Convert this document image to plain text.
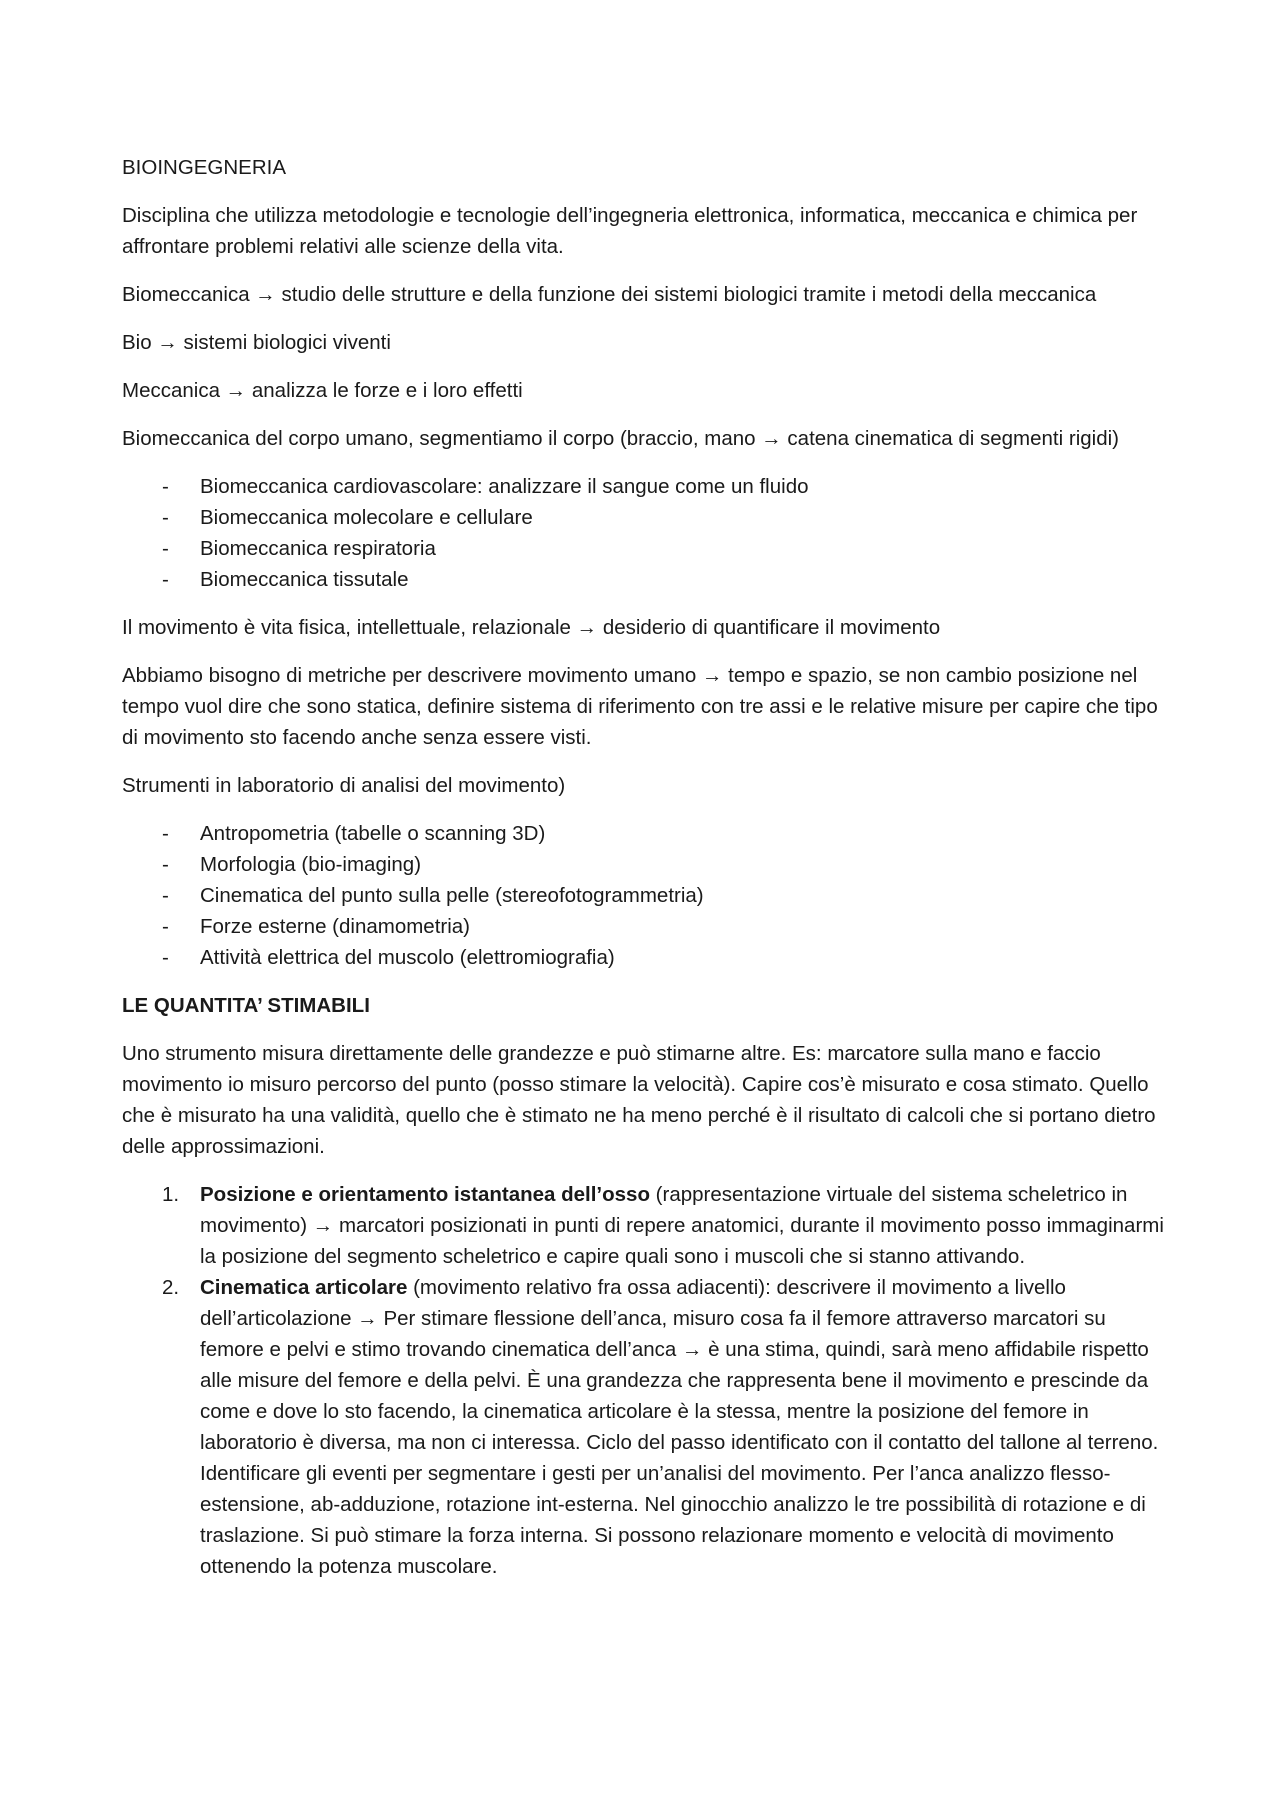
BIOINGEGNERIA

Disciplina che utilizza metodologie e tecnologie dell’ingegneria elettronica, informatica, meccanica e chimica per affrontare problemi relativi alle scienze della vita.

Biomeccanica → studio delle strutture e della funzione dei sistemi biologici tramite i metodi della meccanica

Bio → sistemi biologici viventi

Meccanica → analizza le forze e i loro effetti

Biomeccanica del corpo umano, segmentiamo il corpo (braccio, mano → catena cinematica di segmenti rigidi)

- Biomeccanica cardiovascolare: analizzare il sangue come un fluido
- Biomeccanica molecolare e cellulare
- Biomeccanica respiratoria
- Biomeccanica tissutale

Il movimento è vita fisica, intellettuale, relazionale → desiderio di quantificare il movimento

Abbiamo bisogno di metriche per descrivere movimento umano → tempo e spazio, se non cambio posizione nel tempo vuol dire che sono statica, definire sistema di riferimento con tre assi e le relative misure per capire che tipo di movimento sto facendo anche senza essere visti.

Strumenti in laboratorio di analisi del movimento)

- Antropometria (tabelle o scanning 3D)
- Morfologia (bio-imaging)
- Cinematica del punto sulla pelle (stereofotogrammetria)
- Forze esterne (dinamometria)
- Attività elettrica del muscolo (elettromiografia)

LE QUANTITA’ STIMABILI

Uno strumento misura direttamente delle grandezze e può stimarne altre. Es: marcatore sulla mano e faccio movimento io misuro percorso del punto (posso stimare la velocità). Capire cos’è misurato e cosa stimato. Quello che è misurato ha una validità, quello che è stimato ne ha meno perché è il risultato di calcoli che si portano dietro delle approssimazioni.

1. Posizione e orientamento istantanea dell’osso (rappresentazione virtuale del sistema scheletrico in movimento) → marcatori posizionati in punti di repere anatomici, durante il movimento posso immaginarmi la posizione del segmento scheletrico e capire quali sono i muscoli che si stanno attivando.
2. Cinematica articolare (movimento relativo fra ossa adiacenti): descrivere il movimento a livello dell’articolazione → Per stimare flessione dell’anca, misuro cosa fa il femore attraverso marcatori su femore e pelvi e stimo trovando cinematica dell’anca → è una stima, quindi, sarà meno affidabile rispetto alle misure del femore e della pelvi. È una grandezza che rappresenta bene il movimento e prescinde da come e dove lo sto facendo, la cinematica articolare è la stessa, mentre la posizione del femore in laboratorio è diversa, ma non ci interessa. Ciclo del passo identificato con il contatto del tallone al terreno. Identificare gli eventi per segmentare i gesti per un’analisi del movimento. Per l’anca analizzo flesso-estensione, ab-adduzione, rotazione int-esterna. Nel ginocchio analizzo le tre possibilità di rotazione e di traslazione. Si può stimare la forza interna. Si possono relazionare momento e velocità di movimento ottenendo la potenza muscolare.
